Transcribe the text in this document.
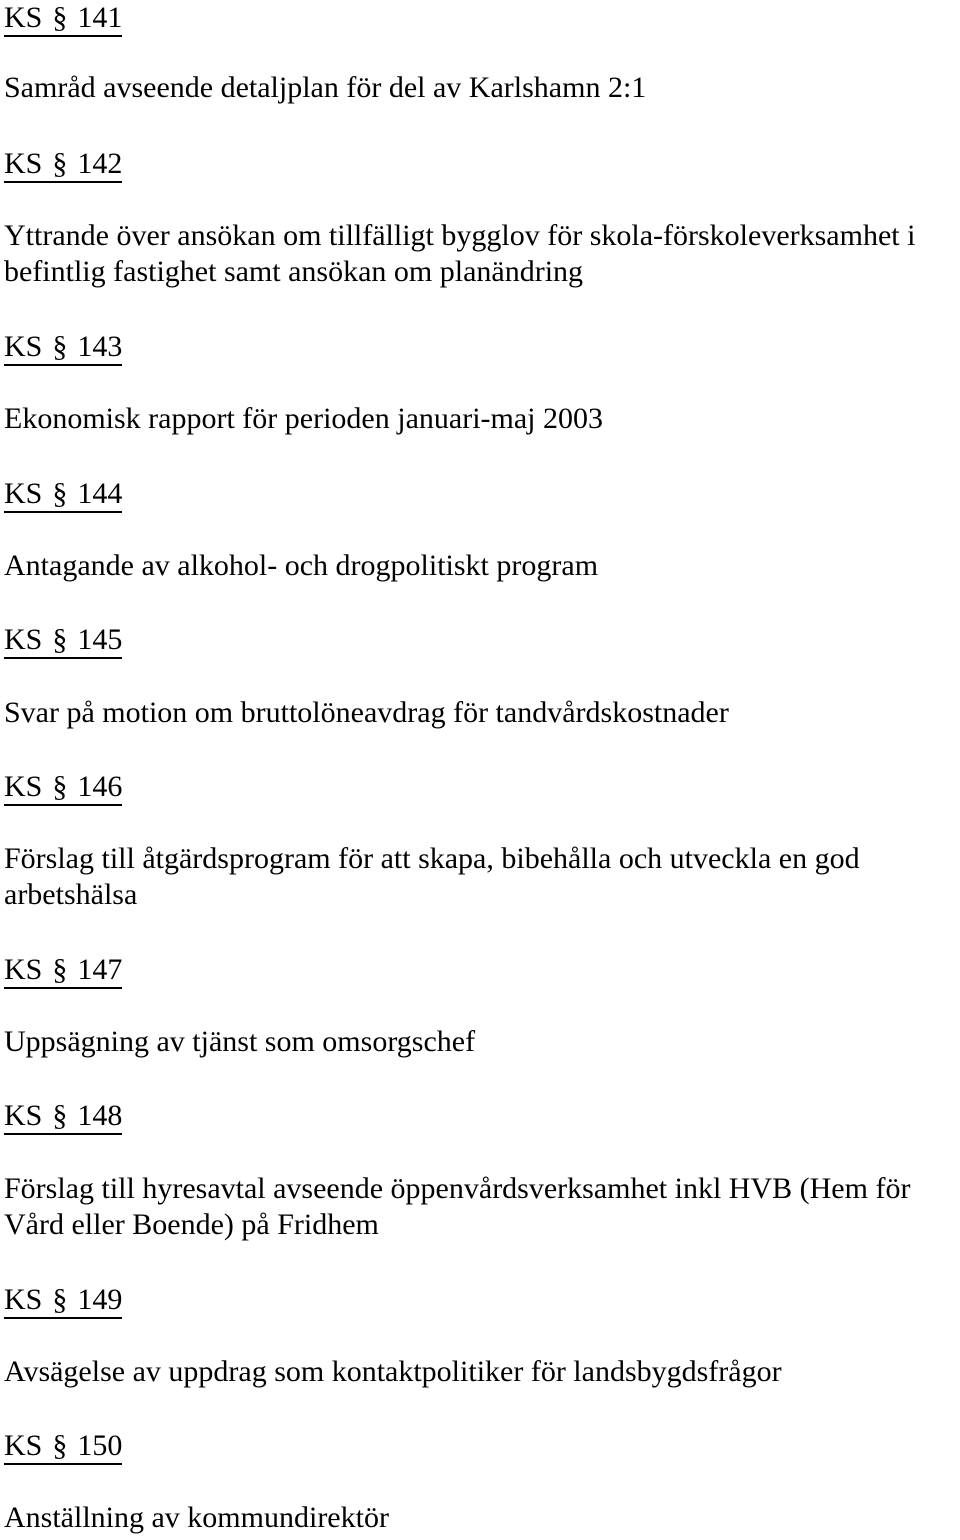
KS § 141
Samråd avseende detaljplan för del av Karlshamn 2:1
KS § 142
Yttrande över ansökan om tillfälligt bygglov för skola-förskoleverksamhet i befintlig fastighet samt ansökan om planändring
KS § 143
Ekonomisk rapport för perioden januari-maj 2003
KS § 144
Antagande av alkohol- och drogpolitiskt program
KS § 145
Svar på motion om bruttolöneavdrag för tandvårdskostnader
KS § 146
Förslag till åtgärdsprogram för att skapa, bibehålla och utveckla en god arbetshälsa
KS § 147
Uppsägning av tjänst som omsorgschef
KS § 148
Förslag till hyresavtal avseende öppenvårdsverksamhet inkl HVB (Hem för Vård eller Boende) på Fridhem
KS § 149
Avsägelse av uppdrag som kontaktpolitiker för landsbygdsfrågor
KS § 150
Anställning av kommundirektör
